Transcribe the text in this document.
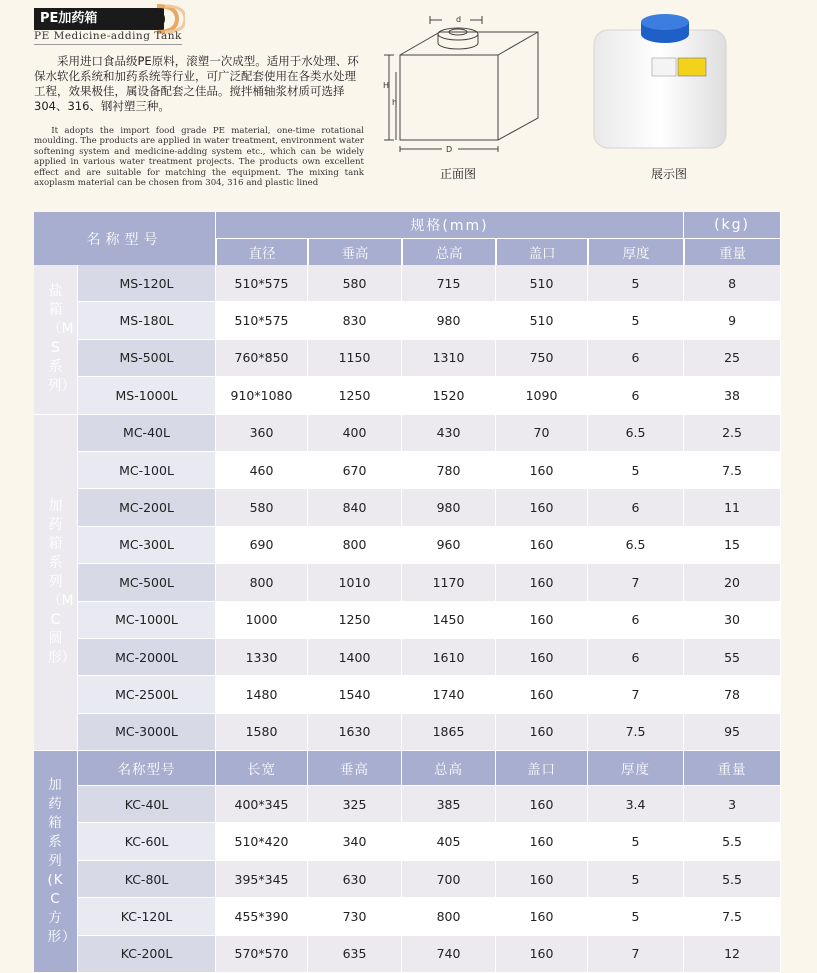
PE加药箱
PE Medicine-adding Tank
采用进口食品级PE原料，滚塑一次成型。适用于水处理、环保水软化系统和加药系统等行业，可广泛配套使用在各类水处理工程，效果极佳，属设备配套之佳品。搅拌桶轴浆材质可选择304、316、钢衬塑三种。
It adopts the import food grade PE material, one-time rotational moulding. The products are applied in water treatment, environment water softening system and medicine-adding system etc., which can be widely applied in various water treatment projects. The products own excellent effect and are suitable for matching the equipment. The mixing tank axoplasm material can be chosen from 304, 316 and plastic lined
d
H
h
D
正面图	展示图
名称型号		规格(mm)					(kg)
		直径	垂高	总高	盖口	厚度	重量
盐箱（MS系列）	MS-120L	510*575	580	715	510	5	8
	MS-180L	510*575	830	980	510	5	9
	MS-500L	760*850	1150	1310	750	6	25
	MS-1000L	910*1080	1250	1520	1090	6	38
加药箱系列（MC圆形）	MC-40L	360	400	430	70	6.5	2.5
	MC-100L	460	670	780	160	5	7.5
	MC-200L	580	840	980	160	6	11
	MC-300L	690	800	960	160	6.5	15
	MC-500L	800	1010	1170	160	7	20
	MC-1000L	1000	1250	1450	160	6	30
	MC-2000L	1330	1400	1610	160	6	55
	MC-2500L	1480	1540	1740	160	7	78
	MC-3000L	1580	1630	1865	160	7.5	95
加药箱系列(KC方形）	名称型号	长宽	垂高	总高	盖口	厚度	重量
	KC-40L	400*345	325	385	160	3.4	3
	KC-60L	510*420	340	405	160	5	5.5
	KC-80L	395*345	630	700	160	5	5.5
	KC-120L	455*390	730	800	160	5	7.5
	KC-200L	570*570	635	740	160	7	12
